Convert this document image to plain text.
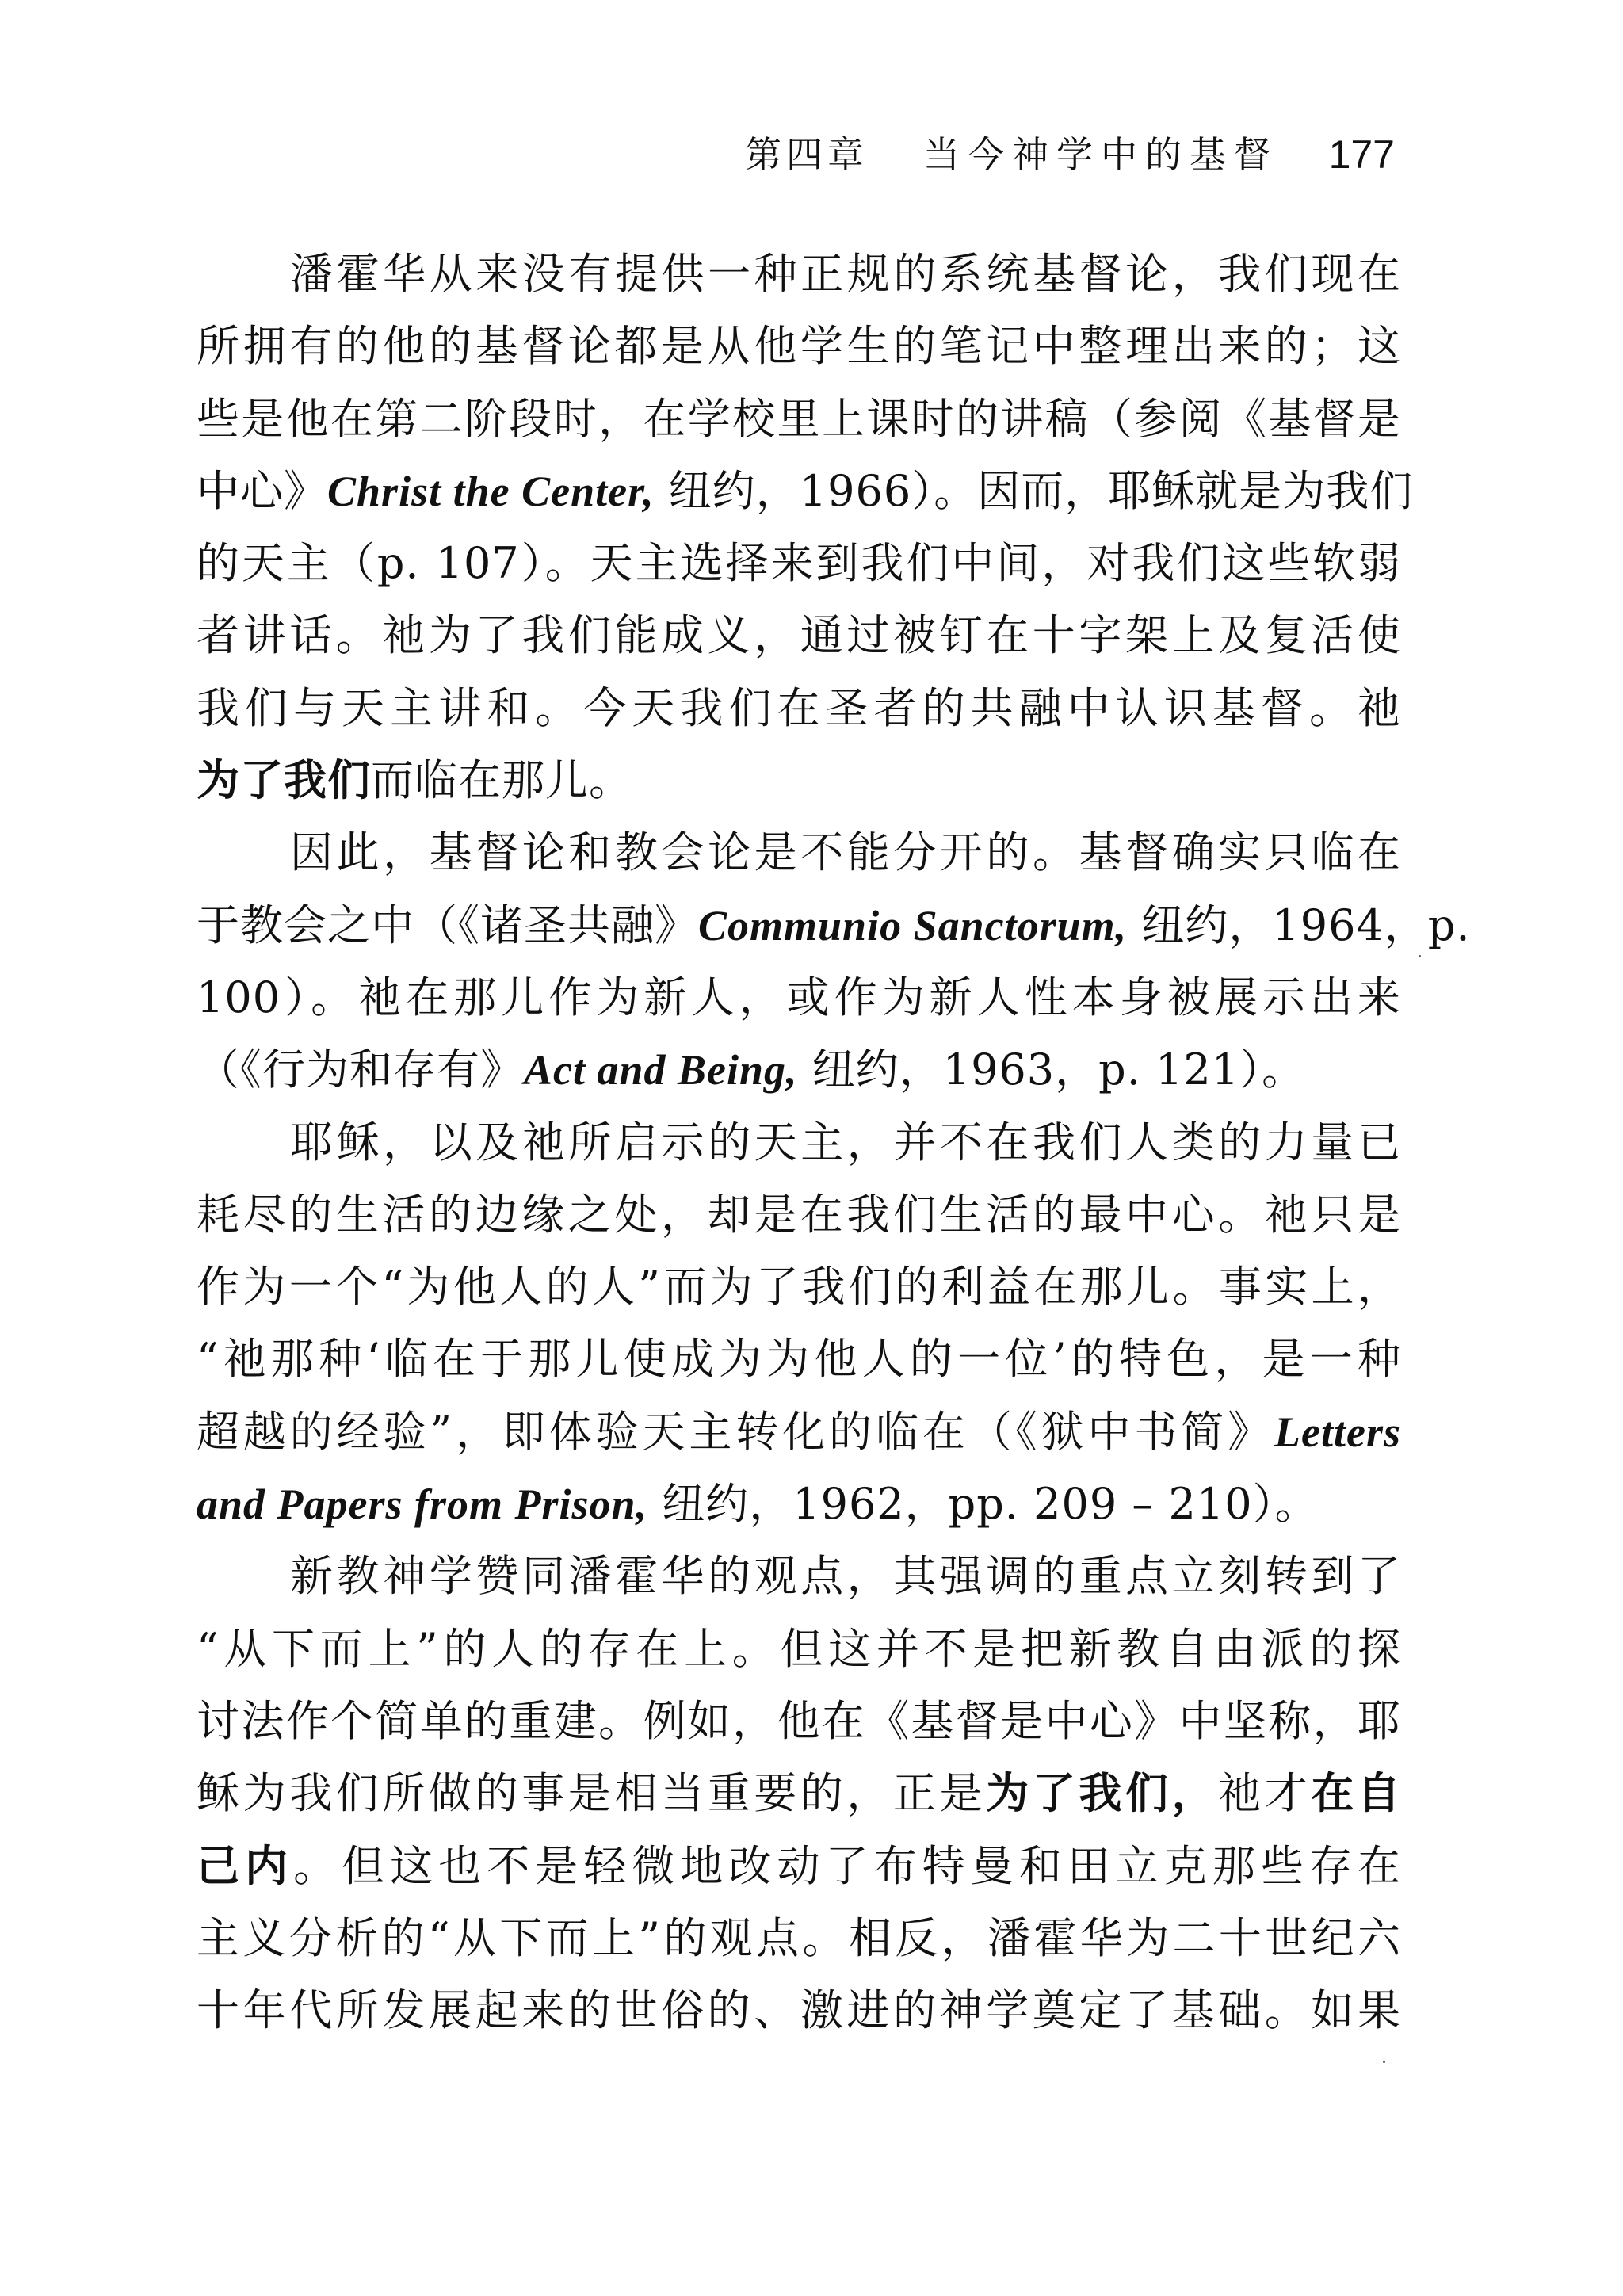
第四章 当今神学中的基督 177
潘霍华从来没有提供一种正规的系统基督论，我们现在
所拥有的他的基督论都是从他学生的笔记中整理出来的；这
些是他在第二阶段时，在学校里上课时的讲稿（参阅《基督是
中心》Christ the Center, 纽约，1966）。因而，耶稣就是为我们
的天主（p. 107）。天主选择来到我们中间，对我们这些软弱
者讲话。祂为了我们能成义，通过被钉在十字架上及复活使
我们与天主讲和。今天我们在圣者的共融中认识基督。祂
为了我们而临在那儿。
因此，基督论和教会论是不能分开的。基督确实只临在
于教会之中（《诸圣共融》Communio Sanctorum, 纽约，1964，p.
100）。祂在那儿作为新人，或作为新人性本身被展示出来
（《行为和存有》Act and Being, 纽约，1963，p. 121）。
耶稣，以及祂所启示的天主，并不在我们人类的力量已
耗尽的生活的边缘之处，却是在我们生活的最中心。祂只是
作为一个“为他人的人”而为了我们的利益在那儿。事实上，
“祂那种‘临在于那儿使成为为他人的一位’的特色，是一种
超越的经验”，即体验天主转化的临在（《狱中书简》Letters
and Papers from Prison, 纽约，1962，pp. 209 – 210）。
新教神学赞同潘霍华的观点，其强调的重点立刻转到了
“从下而上”的人的存在上。但这并不是把新教自由派的探
讨法作个简单的重建。例如，他在《基督是中心》中坚称，耶
稣为我们所做的事是相当重要的，正是为了我们，祂才在自
己内。但这也不是轻微地改动了布特曼和田立克那些存在
主义分析的“从下而上”的观点。相反，潘霍华为二十世纪六
十年代所发展起来的世俗的、激进的神学奠定了基础。如果
